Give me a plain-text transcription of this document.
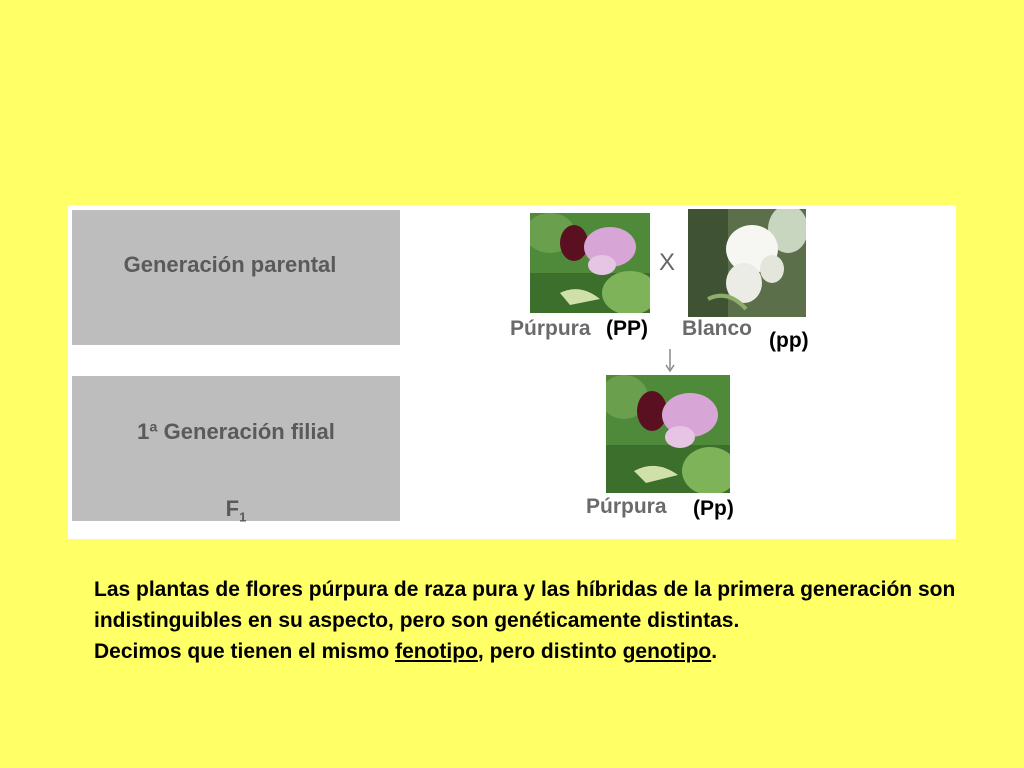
Generación parental
1ª Generación filial
$F_1$
X
Púrpura (PP) Blanco
(pp)
Púrpura (Pp)

Las plantas de flores púrpura de raza pura y las híbridas de la primera generación son indistinguibles en su aspecto, pero son genéticamente distintas.

Decimos que tienen el mismo fenotipo, pero distinto genotipo.
